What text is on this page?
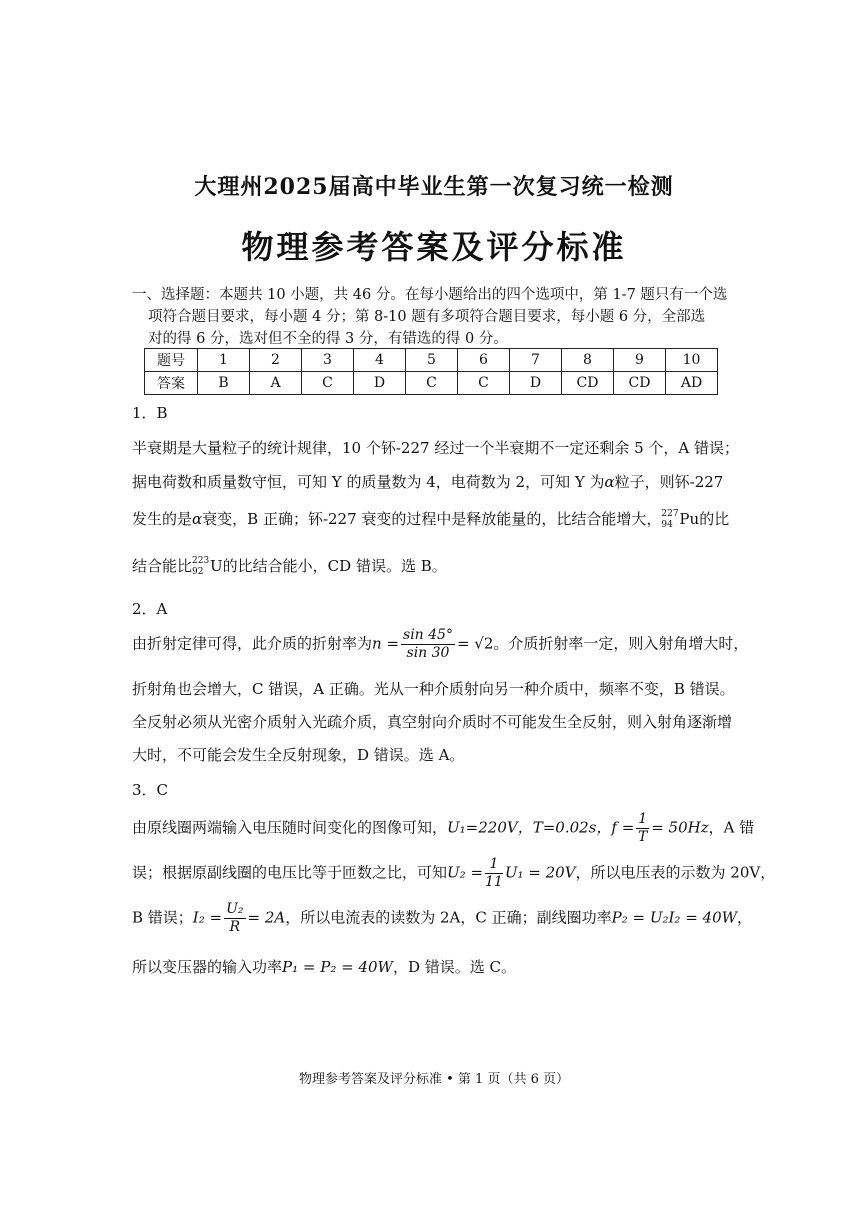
大理州2025届高中毕业生第一次复习统一检测
物理参考答案及评分标准
一、选择题：本题共 10 小题，共 46 分。在每小题给出的四个选项中，第 1-7 题只有一个选
项符合题目要求，每小题 4 分；第 8-10 题有多项符合题目要求，每小题 6 分，全部选
对的得 6 分，选对但不全的得 3 分，有错选的得 0 分。
题号	1	2	3	4	5	6	7	8	9	10
答案	B	A	C	D	C	C	D	CD	CD	AD
1．B
半衰期是大量粒子的统计规律，10 个钚-227 经过一个半衰期不一定还剩余 5 个，A 错误；
据电荷数和质量数守恒，可知 Y 的质量数为 4，电荷数为 2，可知 Y 为α粒子，则钚-227
发生的是α衰变，B 正确；钚-227 衰变的过程中是释放能量的，比结合能增大， 227
94 Pu的比
结合能比 223
92 U的比结合能小，CD 错误。选 B。
2．A
由折射定律可得，此介质的折射率为$n = \frac{\sin 45^\circ}{\sin 30} = √2$。介质折射率一定，则入射角增大时，
折射角也会增大，C 错误，A 正确。光从一种介质射向另一种介质中，频率不变，B 错误。
全反射必须从光密介质射入光疏介质，真空射向介质时不可能发生全反射，则入射角逐渐增
大时，不可能会发生全反射现象，D 错误。选 A。
3．C
由原线圈两端输入电压随时间变化的图像可知，U₁=220V，T=0.02s，$f = \frac{1}{T} = 50Hz$，A 错
误；根据原副线圈的电压比等于匝数之比，可知$U_2 = \frac{1}{11} U_1 = 20V$，所以电压表的示数为 20V，
B 错误；$I_2 = \frac{\text{U₂}}{R} = 2A$，所以电流表的读数为 2A，C 正确；副线圈功率P₂ = U₂I₂ = 40W，
所以变压器的输入功率P₁ = P₂ = 40W，D 错误。选 C。
物理参考答案及评分标准 • 第 1 页（共 6 页）
